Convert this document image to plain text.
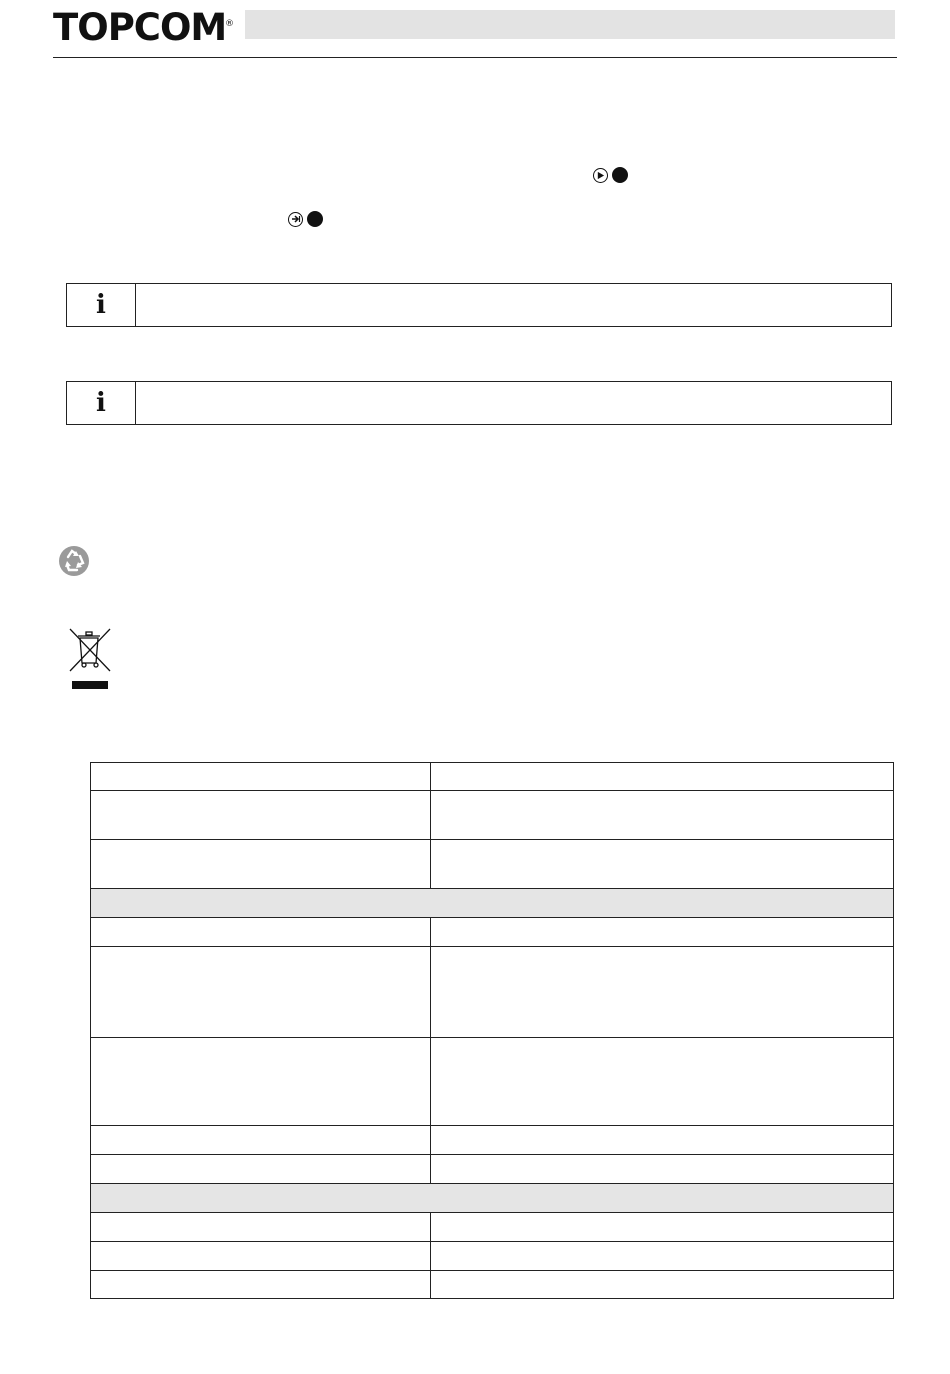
TOPCOM
®
i
i
